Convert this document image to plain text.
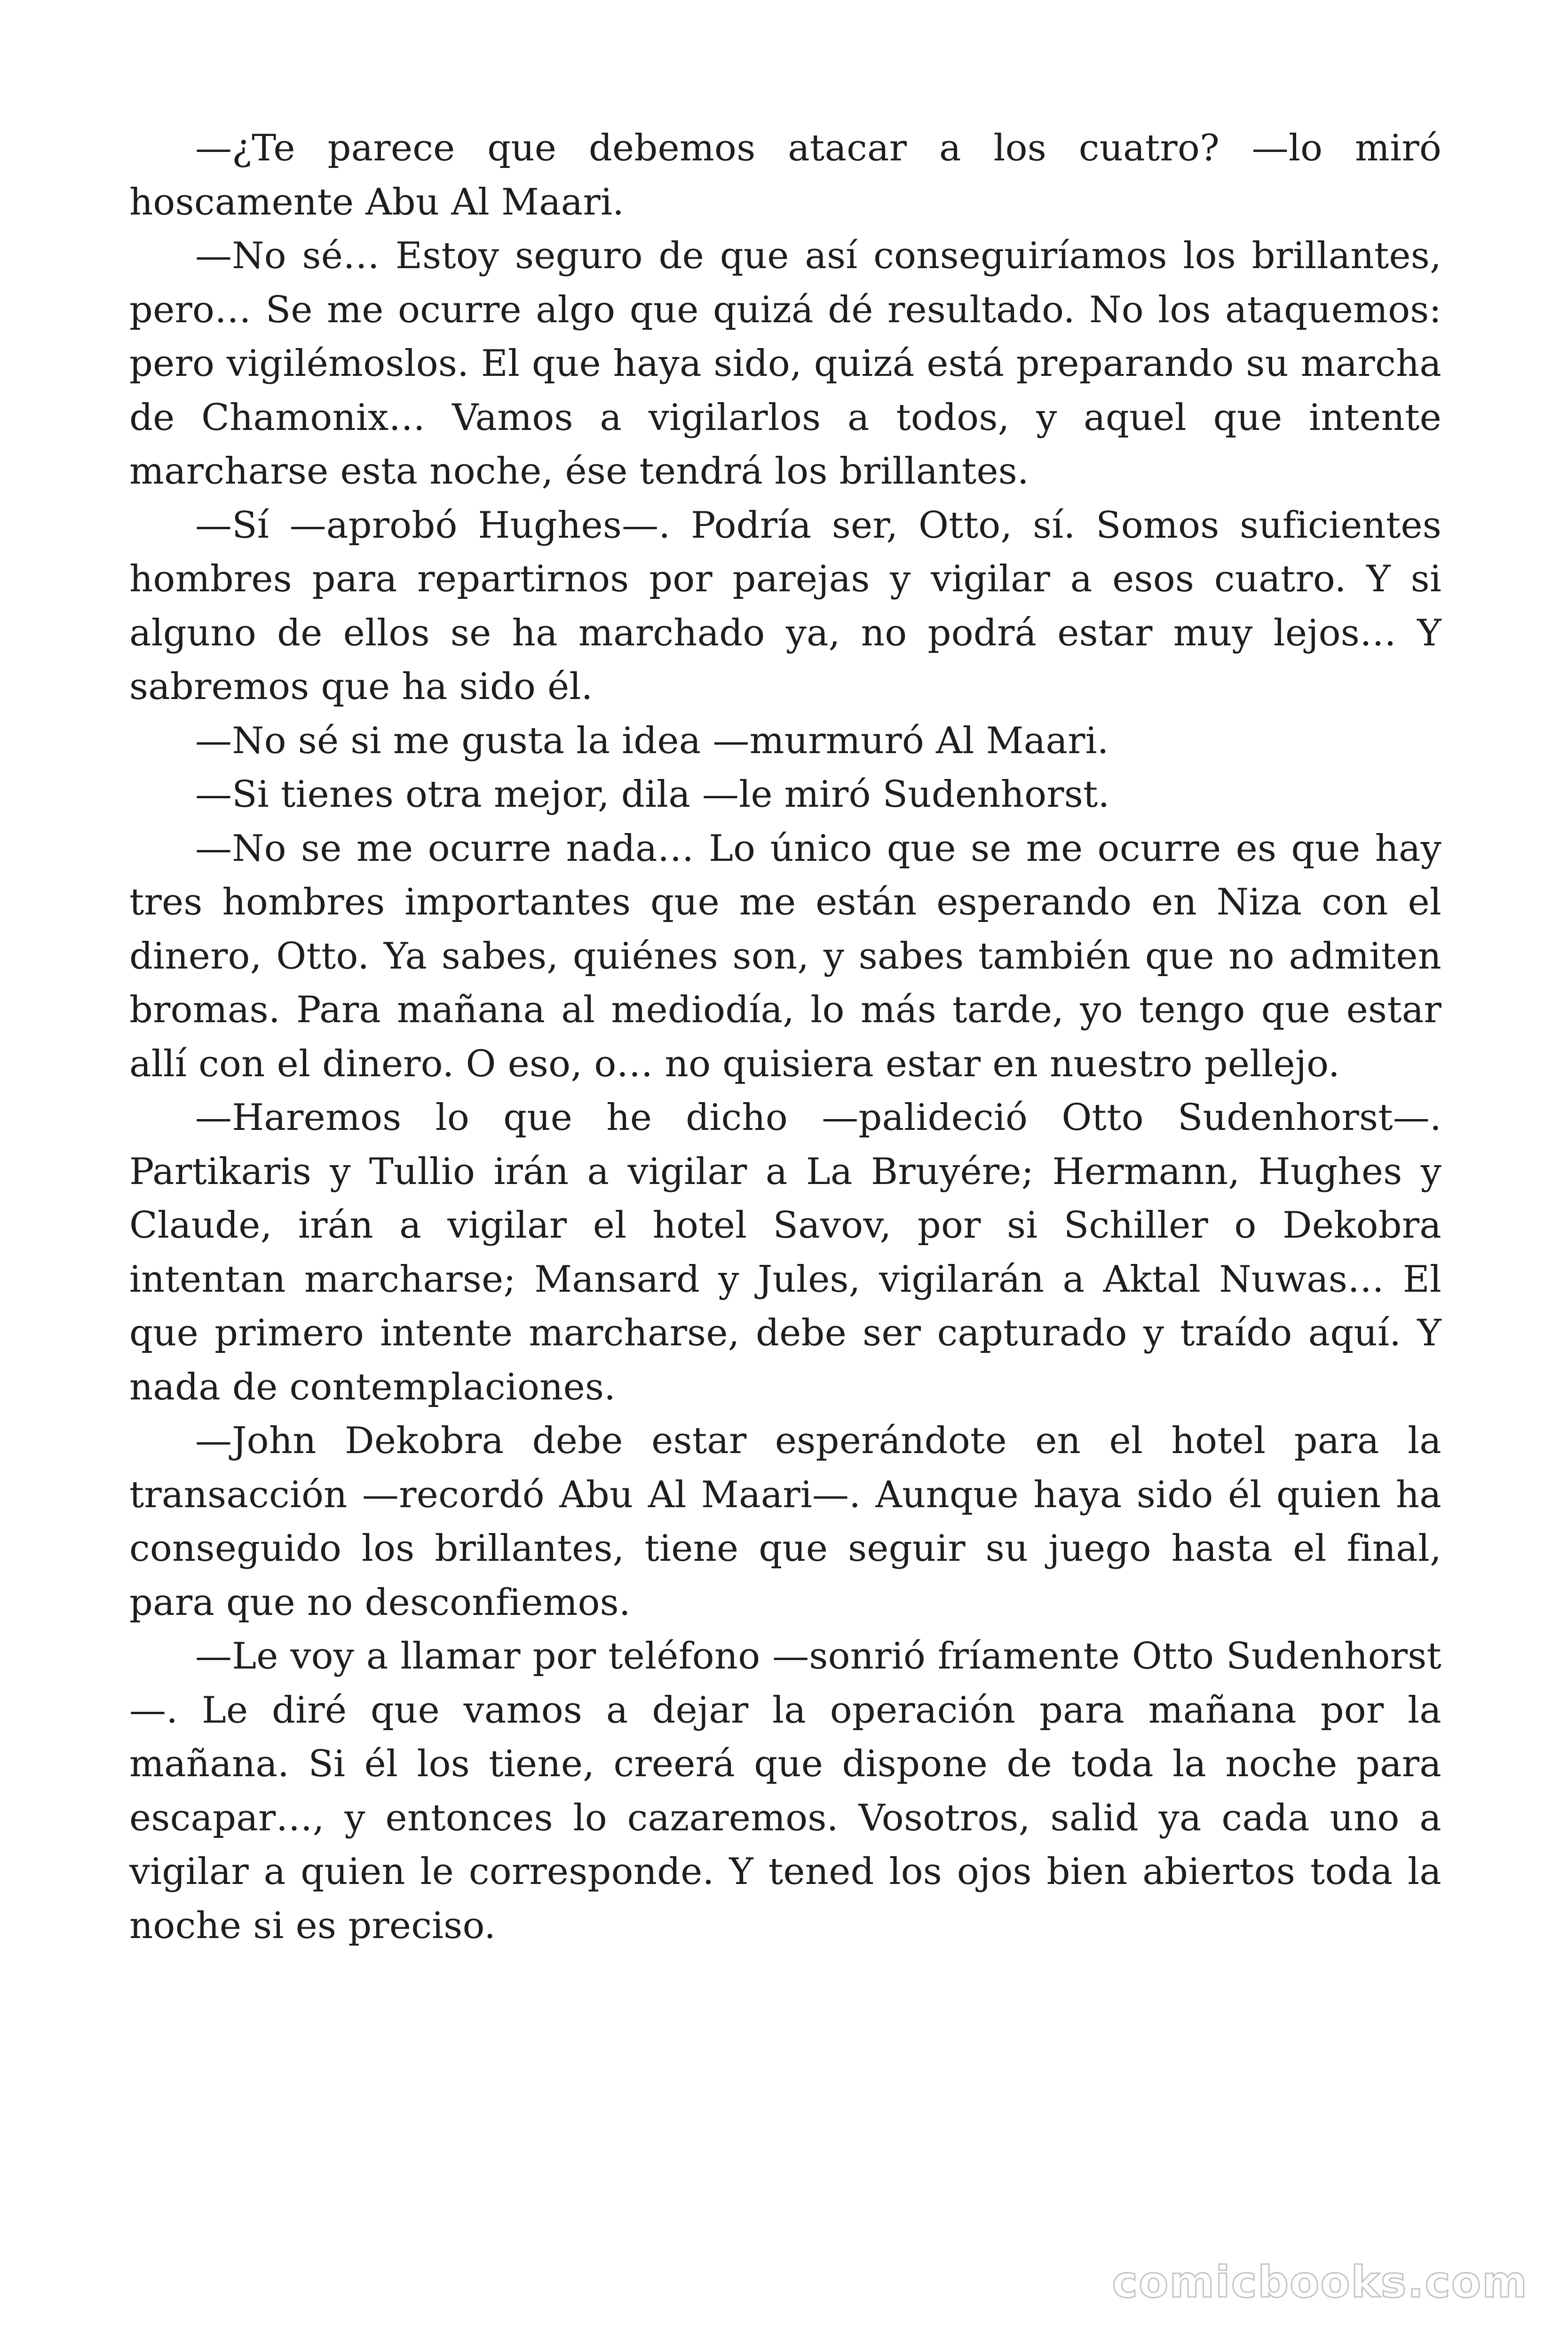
—¿Te parece que debemos atacar a los cuatro? —lo miró hoscamente Abu Al Maari.

—No sé… Estoy seguro de que así conseguiríamos los brillantes, pero… Se me ocurre algo que quizá dé resultado. No los ataquemos: pero vigilémoslos. El que haya sido, quizá está preparando su marcha de Chamonix… Vamos a vigilarlos a todos, y aquel que intente marcharse esta noche, ése tendrá los brillantes.

—Sí —aprobó Hughes—. Podría ser, Otto, sí. Somos suficientes hombres para repartirnos por parejas y vigilar a esos cuatro. Y si alguno de ellos se ha marchado ya, no podrá estar muy lejos… Y sabremos que ha sido él.

—No sé si me gusta la idea —murmuró Al Maari.

—Si tienes otra mejor, dila —le miró Sudenhorst.

—No se me ocurre nada… Lo único que se me ocurre es que hay tres hombres importantes que me están esperando en Niza con el dinero, Otto. Ya sabes, quiénes son, y sabes también que no admiten bromas. Para mañana al mediodía, lo más tarde, yo tengo que estar allí con el dinero. O eso, o… no quisiera estar en nuestro pellejo.

—Haremos lo que he dicho —palideció Otto Sudenhorst—. Partikaris y Tullio irán a vigilar a La Bruyére; Hermann, Hughes y Claude, irán a vigilar el hotel Savov, por si Schiller o Dekobra intentan marcharse; Mansard y Jules, vigilarán a Aktal Nuwas… El que primero intente marcharse, debe ser capturado y traído aquí. Y nada de contemplaciones.

—John Dekobra debe estar esperándote en el hotel para la transacción —recordó Abu Al Maari—. Aunque haya sido él quien ha conseguido los brillantes, tiene que seguir su juego hasta el final, para que no desconfiemos.

—Le voy a llamar por teléfono —sonrió fríamente Otto Sudenhorst—. Le diré que vamos a dejar la operación para mañana por la mañana. Si él los tiene, creerá que dispone de toda la noche para escapar…, y entonces lo cazaremos. Vosotros, salid ya cada uno a vigilar a quien le corresponde. Y tened los ojos bien abiertos toda la noche si es preciso.

comicbooks.com
